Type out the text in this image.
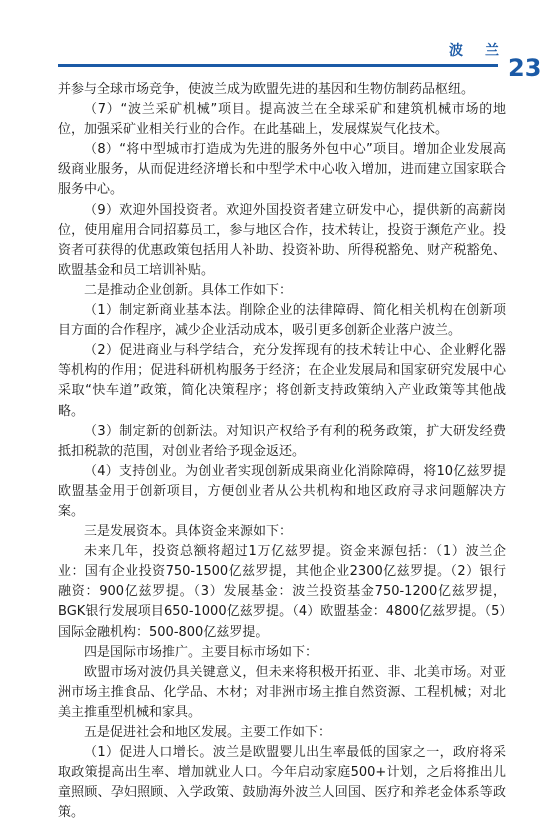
波　兰
23

并参与全球市场竞争，使波兰成为欧盟先进的基因和生物仿制药品枢纽。

（7）“波兰采矿机械”项目。提高波兰在全球采矿和建筑机械市场的地位，加强采矿业相关行业的合作。在此基础上，发展煤炭气化技术。

（8）“将中型城市打造成为先进的服务外包中心”项目。增加企业发展高级商业服务，从而促进经济增长和中型学术中心收入增加，进而建立国家联合服务中心。

（9）欢迎外国投资者。欢迎外国投资者建立研发中心，提供新的高薪岗位，使用雇用合同招募员工，参与地区合作，技术转让，投资于濒危产业。投资者可获得的优惠政策包括用人补助、投资补助、所得税豁免、财产税豁免、欧盟基金和员工培训补贴。

二是推动企业创新。具体工作如下：

（1）制定新商业基本法。削除企业的法律障碍、简化相关机构在创新项目方面的合作程序，减少企业活动成本，吸引更多创新企业落户波兰。

（2）促进商业与科学结合，充分发挥现有的技术转让中心、企业孵化器等机构的作用；促进科研机构服务于经济；在企业发展局和国家研究发展中心采取“快车道”政策，简化决策程序；将创新支持政策纳入产业政策等其他战略。

（3）制定新的创新法。对知识产权给予有利的税务政策，扩大研发经费抵扣税款的范围，对创业者给予现金返还。

（4）支持创业。为创业者实现创新成果商业化消除障碍，将10亿兹罗提欧盟基金用于创新项目，方便创业者从公共机构和地区政府寻求问题解决方案。

三是发展资本。具体资金来源如下：

未来几年，投资总额将超过1万亿兹罗提。资金来源包括：（1）波兰企业：国有企业投资750-1500亿兹罗提，其他企业2300亿兹罗提。（2）银行融资：900亿兹罗提。（3）发展基金：波兰投资基金750-1200亿兹罗提，BGK银行发展项目650-1000亿兹罗提。（4）欧盟基金：4800亿兹罗提。（5）国际金融机构：500-800亿兹罗提。

四是国际市场推广。主要目标市场如下：

欧盟市场对波仍具关键意义，但未来将积极开拓亚、非、北美市场。对亚洲市场主推食品、化学品、木材；对非洲市场主推自然资源、工程机械；对北美主推重型机械和家具。

五是促进社会和地区发展。主要工作如下：

（1）促进人口增长。波兰是欧盟婴儿出生率最低的国家之一，政府将采取政策提高出生率、增加就业人口。今年启动家庭500+计划，之后将推出儿童照顾、孕妇照顾、入学政策、鼓励海外波兰人回国、医疗和养老金体系等政策。
